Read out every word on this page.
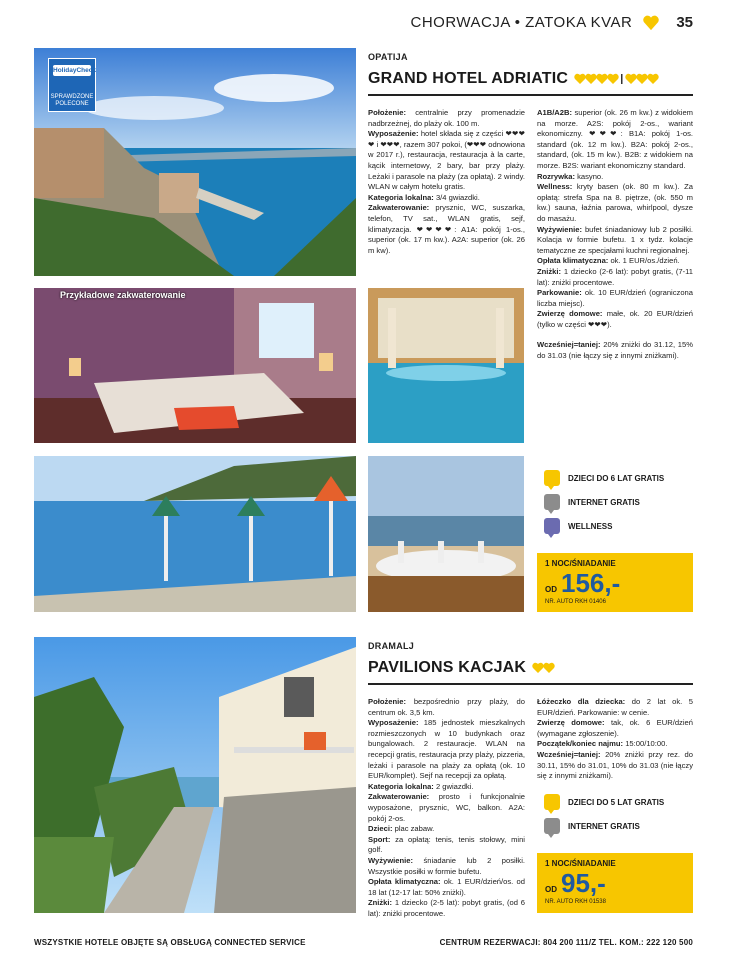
CHORWACJA • ZATOKA KVAR	35
HolidayCheck
SPRAWDZONE POLECONE
Przykładowe zakwaterowanie
OPATIJA
GRAND HOTEL ADRIATIC

Położenie: centralnie przy promenadzie nadbrzeżnej, do plaży ok. 100 m.

Wyposażenie: hotel składa się z części ❤❤❤❤ i ❤❤❤, razem 307 pokoi, (❤❤❤ odnowiona w 2017 r.), restauracja, restauracja à la carte, kącik internetowy, 2 bary, bar przy plaży. Leżaki i parasole na plaży (za opłatą). 2 windy. WLAN w całym hotelu gratis.

Kategoria lokalna: 3/4 gwiazdki.

Zakwaterowanie: prysznic, WC, suszarka, telefon, TV sat., WLAN gratis, sejf, klimatyzacja. ❤❤❤❤: A1A: pokój 1-os., superior (ok. 17 m kw.). A2A: superior (ok. 26 m kw).

A1B/A2B: superior (ok. 26 m kw.) z widokiem na morze. A2S: pokój 2-os., wariant ekonomiczny. ❤❤❤: B1A: pokój 1-os. standard (ok. 12 m kw.). B2A: pokój 2-os., standard, (ok. 15 m kw.). B2B: z widokiem na morze. B2S: wariant ekonomiczny standard.

Rozrywka: kasyno.

Wellness: kryty basen (ok. 80 m kw.). Za opłatą: strefa Spa na 8. piętrze, (ok. 550 m kw.) sauna, łaźnia parowa, whirlpool, dysze do masażu.

Wyżywienie: bufet śniadaniowy lub 2 posiłki. Kolacja w formie bufetu. 1 x tydz. kolacje tematyczne ze specjałami kuchni regionalnej.

Opłata klimatyczna: ok. 1 EUR/os./dzień.

Zniżki: 1 dziecko (2-6 lat): pobyt gratis, (7-11 lat): zniżki procentowe.

Parkowanie: ok. 10 EUR/dzień (ograniczona liczba miejsc).

Zwierzę domowe: małe, ok. 20 EUR/dzień (tylko w części ❤❤❤).

Wcześniej=taniej: 20% zniżki do 31.12, 15% do 31.03 (nie łączy się z innymi zniżkami).

DZIECI DO 6 LAT GRATIS
INTERNET GRATIS
WELLNESS
1 NOC/ŚNIADANIE
OD 156,-
NR. AUTO RKH 01406
DRAMALJ
PAVILIONS KACJAK

Położenie: bezpośrednio przy plaży, do centrum ok. 3,5 km.

Wyposażenie: 185 jednostek mieszkalnych rozmieszczonych w 10 budynkach oraz bungalowach. 2 restauracje. WLAN na recepcji gratis, restauracja przy plaży, pizzeria, leżaki i parasole na plaży za opłatą (ok. 10 EUR/komplet). Sejf na recepcji za opłatą.

Kategoria lokalna: 2 gwiazdki.

Zakwaterowanie: prosto i funkcjonalnie wyposażone, prysznic, WC, balkon. A2A: pokój 2-os.

Dzieci: plac zabaw.

Sport: za opłatą: tenis, tenis stołowy, mini golf.

Wyżywienie: śniadanie lub 2 posiłki. Wszystkie posiłki w formie bufetu.

Opłata klimatyczna: ok. 1 EUR/dzień/os. od 18 lat (12-17 lat: 50% zniżki).

Zniżki: 1 dziecko (2-5 lat): pobyt gratis, (od 6 lat): zniżki procentowe.

Łóżeczko dla dziecka: do 2 lat ok. 5 EUR/dzień. Parkowanie: w cenie.

Zwierzę domowe: tak, ok. 6 EUR/dzień (wymagane zgłoszenie).

Początek/koniec najmu: 15:00/10:00.

Wcześniej=taniej: 20% zniżki przy rez. do 30.11, 15% do 31.01, 10% do 31.03 (nie łączy się z innymi zniżkami).

DZIECI DO 5 LAT GRATIS
INTERNET GRATIS
1 NOC/ŚNIADANIE
OD 95,-
NR. AUTO RKH 01538
WSZYSTKIE HOTELE OBJĘTE SĄ OBSŁUGĄ CONNECTED SERVICE	CENTRUM REZERWACJI: 804 200 111/Z TEL. KOM.: 222 120 500
